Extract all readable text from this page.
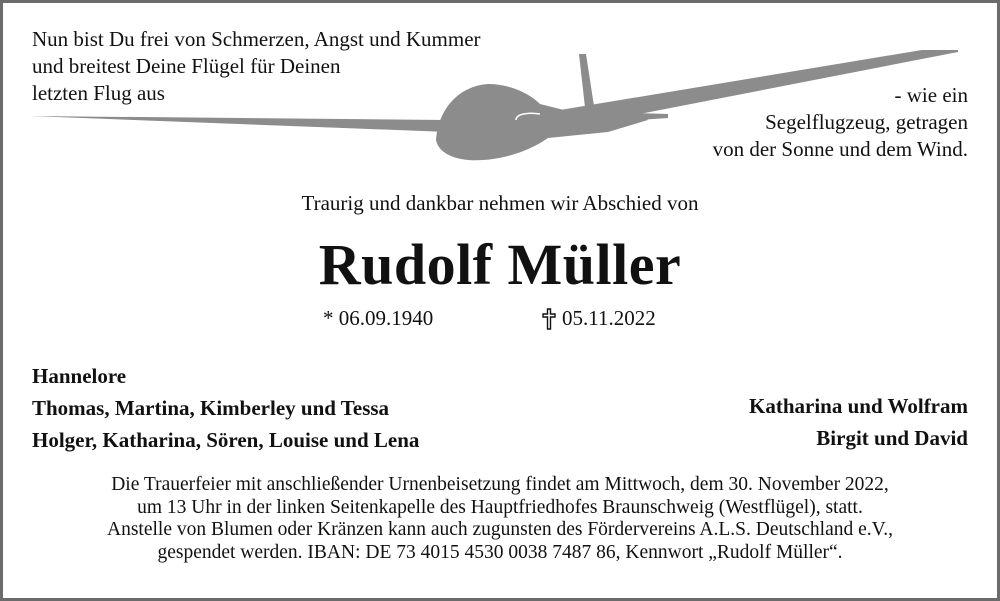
Nun bist Du frei von Schmerzen, Angst und Kummer
und breitest Deine Flügel für Deinen
letzten Flug aus	- wie ein
Segelflugzeug, getragen
von der Sonne und dem Wind.
Traurig und dankbar nehmen wir Abschied von
Rudolf Müller
* 06.09.1940	05.11.2022
Hannelore
Thomas, Martina, Kimberley und Tessa
Holger, Katharina, Sören, Louise und Lena
Katharina und Wolfram
Birgit und David
Die Trauerfeier mit anschließender Urnenbeisetzung findet am Mittwoch, dem 30. November 2022,
um 13 Uhr in der linken Seitenkapelle des Hauptfriedhofes Braunschweig (Westflügel), statt.
Anstelle von Blumen oder Kränzen kann auch zugunsten des Fördervereins A.L.S. Deutschland e.V.,
gespendet werden. IBAN: DE 73 4015 4530 0038 7487 86, Kennwort „Rudolf Müller“.
